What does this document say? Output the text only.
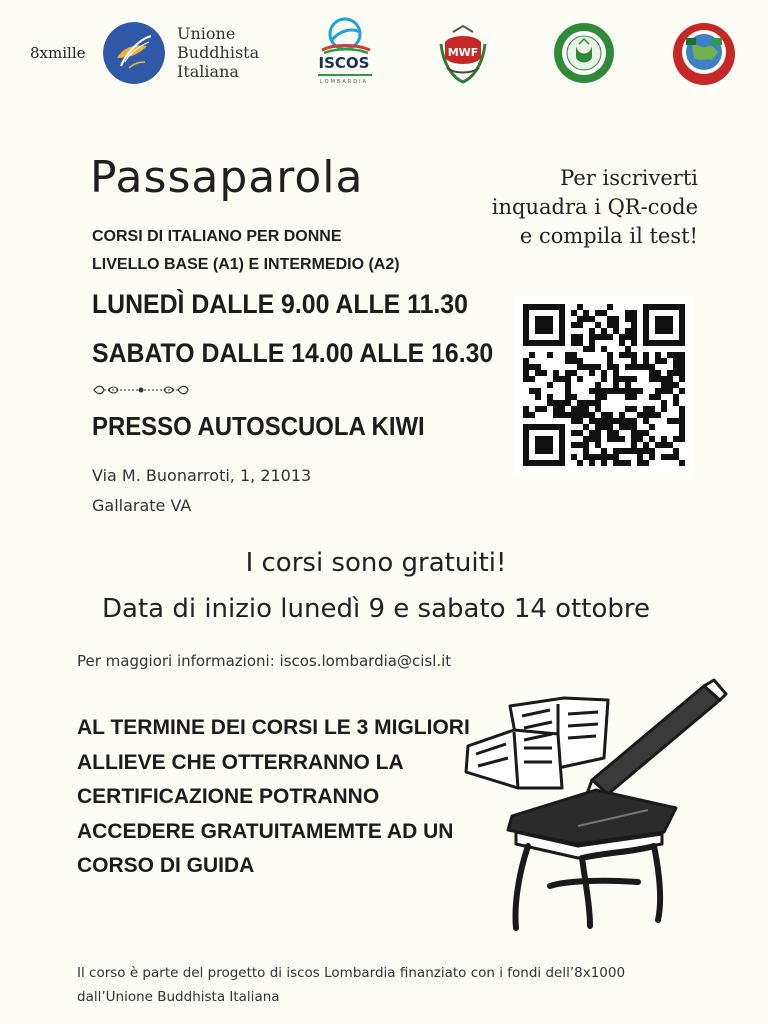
8xmille
Unione
Buddhista
Italiana	ISCOS
LOMBARDIA
MWF
APV
Passaparola
CORSI DI ITALIANO PER DONNE
LIVELLO BASE (A1) E INTERMEDIO (A2)
Per iscriverti
inquadra i QR-code
e compila il test!
LUNEDÌ DALLE 9.00 ALLE 11.30
SABATO DALLE 14.00 ALLE 16.30
PRESSO AUTOSCUOLA KIWI
Via M. Buonarroti, 1, 21013
Gallarate VA
I corsi sono gratuiti!
Data di inizio lunedì 9 e sabato 14 ottobre
Per maggiori informazioni: iscos.lombardia@cisl.it
AL TERMINE DEI CORSI LE 3 MIGLIORI
ALLIEVE CHE OTTERRANNO LA
CERTIFICAZIONE POTRANNO
ACCEDERE GRATUITAMEMTE AD UN
CORSO DI GUIDA
Il corso è parte del progetto di iscos Lombardia finanziato con i fondi dell’8x1000
dall’Unione Buddhista Italiana
